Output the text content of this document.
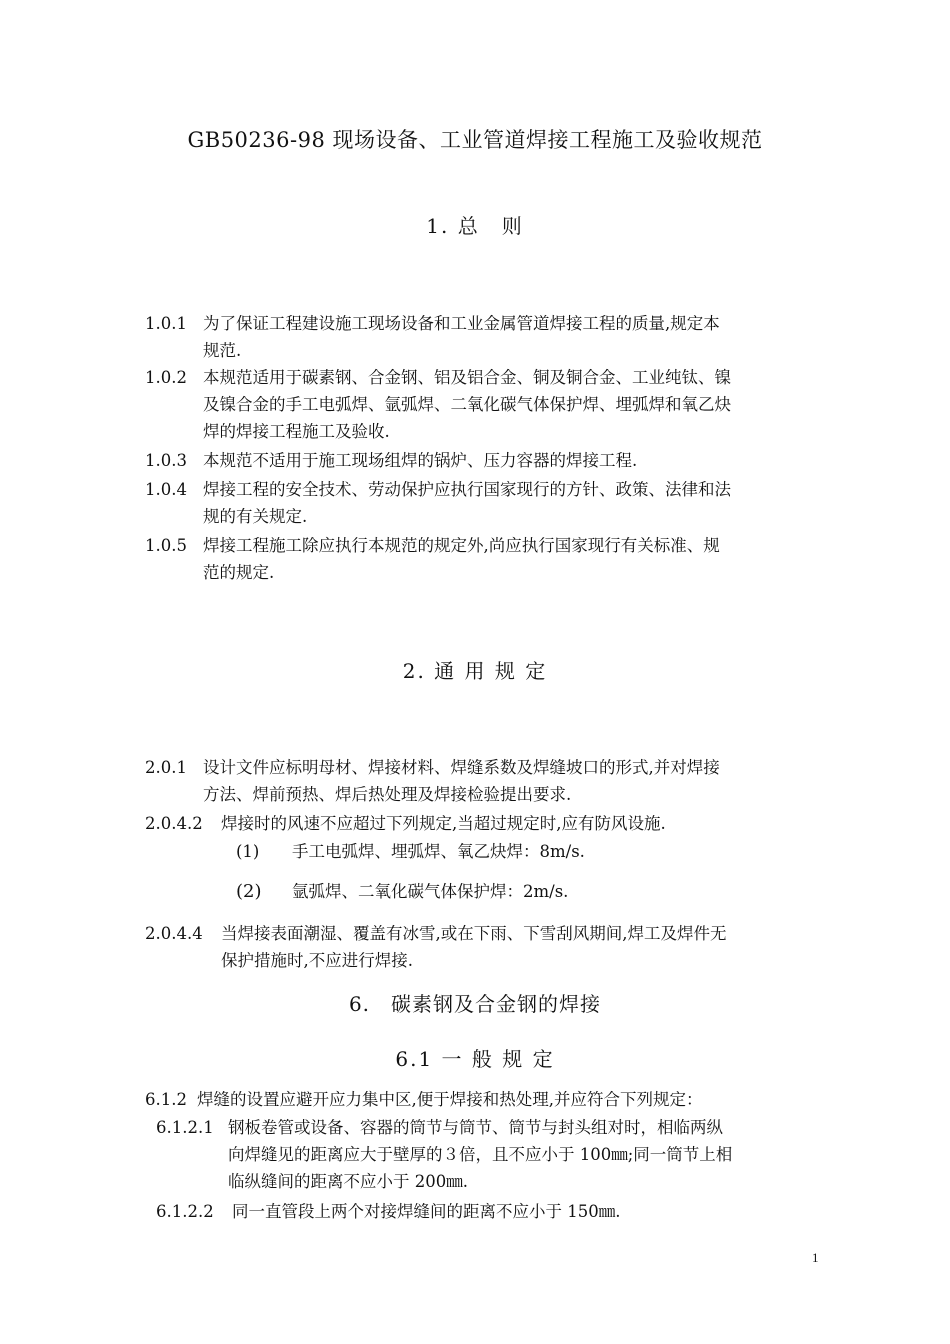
GB50236-98 现场设备、工业管道焊接工程施工及验收规范
1. 总　则
1.0.1 为了保证工程建设施工现场设备和工业金属管道焊接工程的质量,规定本
规范.
1.0.2 本规范适用于碳素钢、合金钢、铝及铝合金、铜及铜合金、工业纯钛、镍
及镍合金的手工电弧焊、氩弧焊、二氧化碳气体保护焊、埋弧焊和氧乙炔
焊的焊接工程施工及验收.
1.0.3 本规范不适用于施工现场组焊的锅炉、压力容器的焊接工程.
1.0.4 焊接工程的安全技术、劳动保护应执行国家现行的方针、政策、法律和法
规的有关规定.
1.0.5 焊接工程施工除应执行本规范的规定外,尚应执行国家现行有关标准、规
范的规定.
2. 通 用 规 定
2.0.1 设计文件应标明母材、焊接材料、焊缝系数及焊缝坡口的形式,并对焊接
方法、焊前预热、焊后热处理及焊接检验提出要求.
2.0.4.2 焊接时的风速不应超过下列规定,当超过规定时,应有防风设施.
(1) 手工电弧焊、埋弧焊、氧乙炔焊：8m/s.
(2) 氩弧焊、二氧化碳气体保护焊：2m/s.
2.0.4.4 当焊接表面潮湿、覆盖有冰雪,或在下雨、下雪刮风期间,焊工及焊件无
保护措施时,不应进行焊接.
6.　碳素钢及合金钢的焊接
6.1 一 般 规 定
6.1.2 焊缝的设置应避开应力集中区,便于焊接和热处理,并应符合下列规定：
6.1.2.1 钢板卷管或设备、容器的筒节与筒节、筒节与封头组对时，相临两纵
向焊缝见的距离应大于壁厚的３倍，且不应小于 100㎜;同一筒节上相
临纵缝间的距离不应小于 200㎜.
6.1.2.2 同一直管段上两个对接焊缝间的距离不应小于 150㎜.
1
